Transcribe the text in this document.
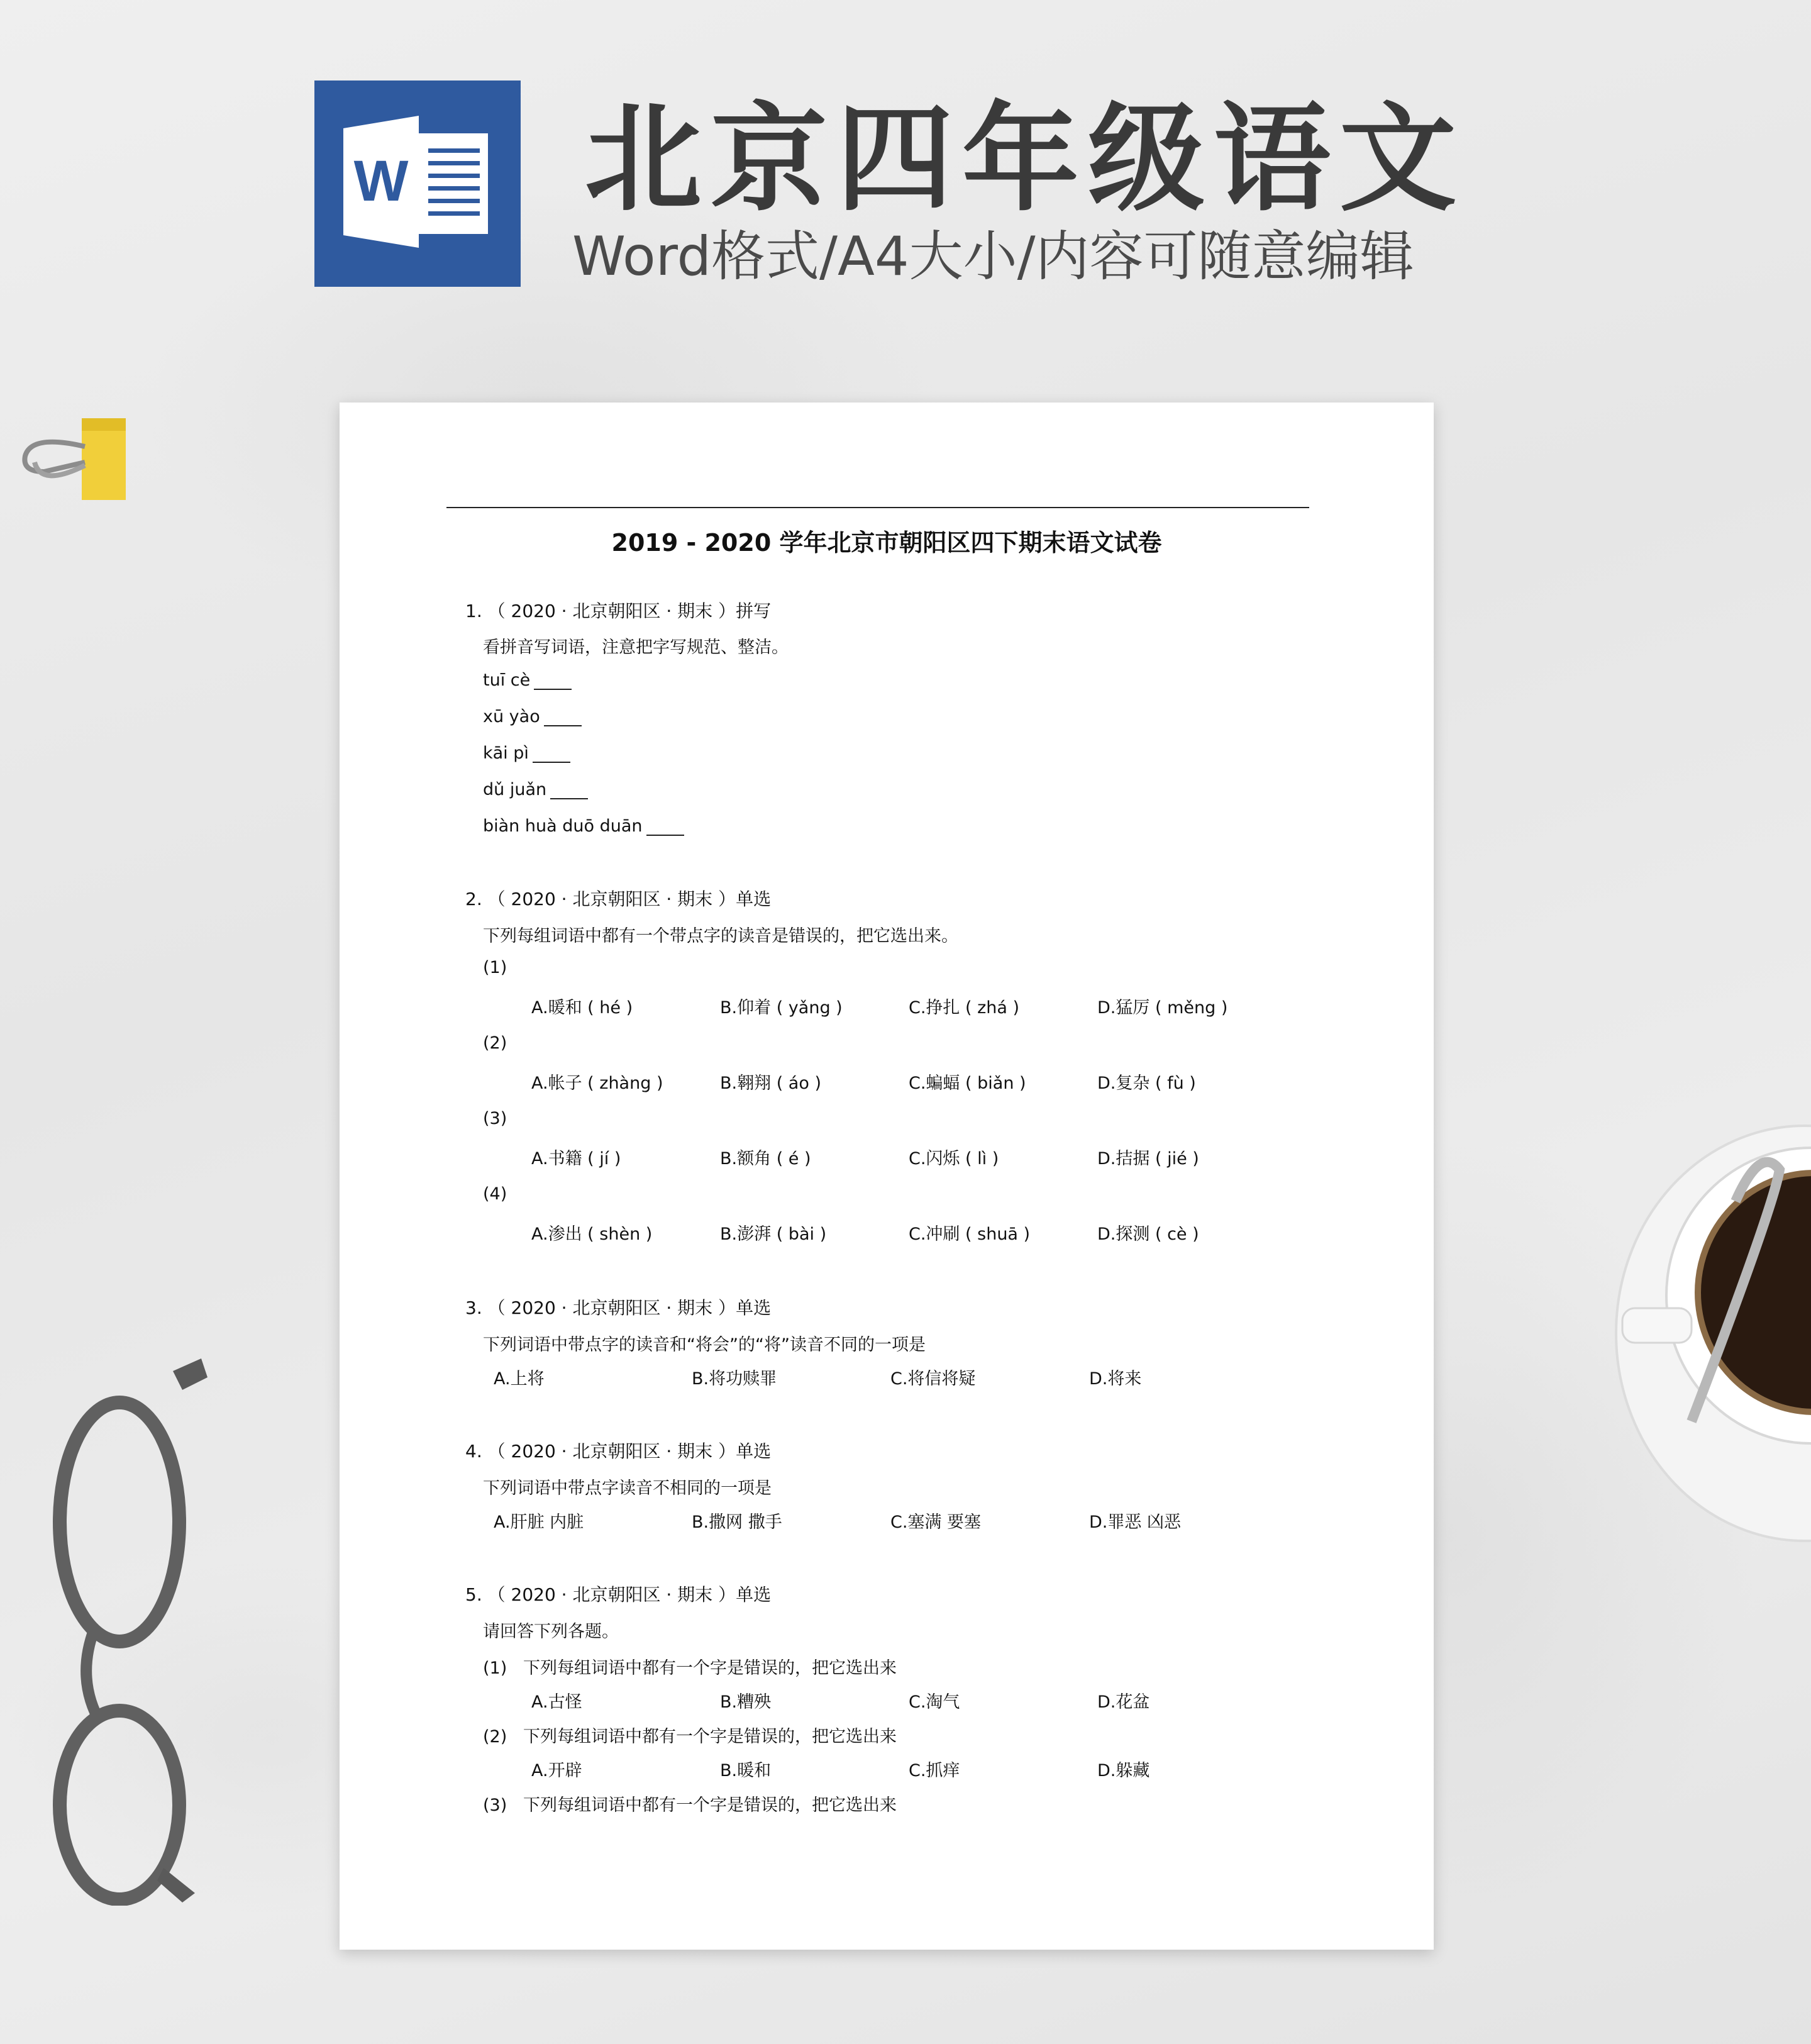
W 北京四年级语文
Word格式/A4大小/内容可随意编辑
2019 - 2020 学年北京市朝阳区四下期末语文试卷
1. （ 2020 · 北京朝阳区 · 期末 ）拼写
看拼音写词语，注意把字写规范、整洁。
tuī cè
xū yào
kāi pì
dǔ juǎn
biàn huà duō duān
2. （ 2020 · 北京朝阳区 · 期末 ）单选
下列每组词语中都有一个带点字的读音是错误的，把它选出来。
(1)
A.暖和 ( hé )	B.仰着 ( yǎng )	C.挣扎 ( zhá )	D.猛厉 ( měng )
(2)
A.帐子 ( zhàng )	B.翱翔 ( áo )	C.蝙蝠 ( biǎn )	D.复杂 ( fù )
(3)
A.书籍 ( jí )	B.额角 ( é )	C.闪烁 ( lì )	D.拮据 ( jié )
(4)
A.渗出 ( shèn )	B.澎湃 ( bài )	C.冲刷 ( shuā )	D.探测 ( cè )
3. （ 2020 · 北京朝阳区 · 期末 ）单选
下列词语中带点字的读音和“将会”的“将”读音不同的一项是
A.上将	B.将功赎罪	C.将信将疑	D.将来
4. （ 2020 · 北京朝阳区 · 期末 ）单选
下列词语中带点字读音不相同的一项是
A.肝脏 内脏	B.撒网 撒手	C.塞满 要塞	D.罪恶 凶恶
5. （ 2020 · 北京朝阳区 · 期末 ）单选
请回答下列各题。
(1) 下列每组词语中都有一个字是错误的，把它选出来
A.古怪	B.糟殃	C.淘气	D.花盆
(2) 下列每组词语中都有一个字是错误的，把它选出来
A.开辟	B.暖和	C.抓痒	D.躲藏
(3) 下列每组词语中都有一个字是错误的，把它选出来
